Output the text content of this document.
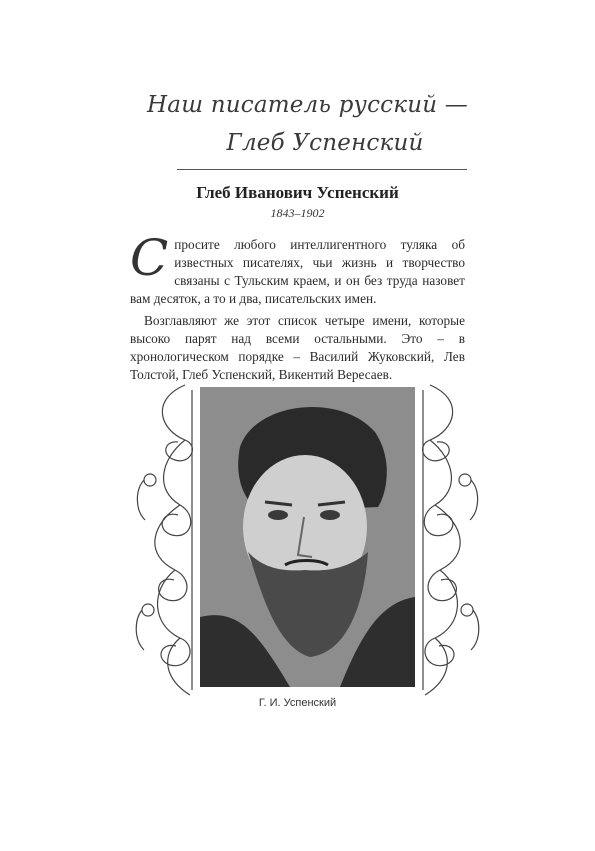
Наш писатель русский —
Глеб Успенский
Глеб Иванович Успенский
1843–1902

Спросите любого интеллигентного туляка об известных писателях, чьи жизнь и творчество связаны с Тульским краем, и он без труда назовет вам десяток, а то и два, писательских имен.

Возглавляют же этот список четыре имени, которые высоко парят над всеми остальными. Это – в хронологическом порядке – Василий Жуковский, Лев Толстой, Глеб Успенский, Викентий Вересаев.

Г. И. Успенский
